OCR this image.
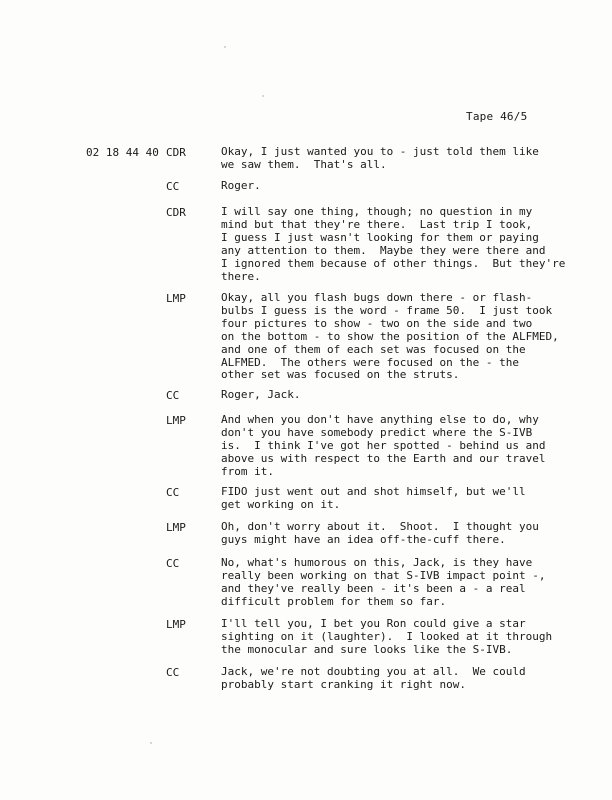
Tape 46/5
02 18 44 40 CDR	Okay, I just wanted you to - just told them like
we saw them.  That's all.
CC	Roger.
CDR	I will say one thing, though; no question in my
mind but that they're there.  Last trip I took,
I guess I just wasn't looking for them or paying
any attention to them.  Maybe they were there and
I ignored them because of other things.  But they're
there.
LMP	Okay, all you flash bugs down there - or flash-
bulbs I guess is the word - frame 50.  I just took
four pictures to show - two on the side and two
on the bottom - to show the position of the ALFMED,
and one of them of each set was focused on the
ALFMED.  The others were focused on the - the
other set was focused on the struts.
CC	Roger, Jack.
LMP	And when you don't have anything else to do, why
don't you have somebody predict where the S-IVB
is.  I think I've got her spotted - behind us and
above us with respect to the Earth and our travel
from it.
CC	FIDO just went out and shot himself, but we'll
get working on it.
LMP	Oh, don't worry about it.  Shoot.  I thought you
guys might have an idea off-the-cuff there.
CC	No, what's humorous on this, Jack, is they have
really been working on that S-IVB impact point -,
and they've really been - it's been a - a real
difficult problem for them so far.
LMP	I'll tell you, I bet you Ron could give a star
sighting on it (laughter).  I looked at it through
the monocular and sure looks like the S-IVB.
CC	Jack, we're not doubting you at all.  We could
probably start cranking it right now.
